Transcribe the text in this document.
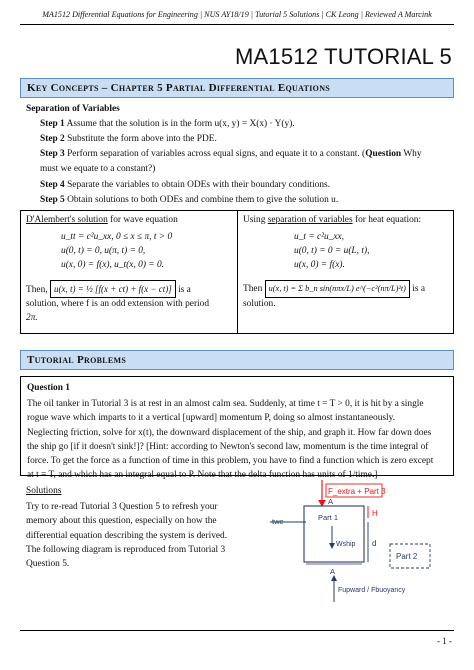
MA1512 Differential Equations for Engineering | NUS AY18/19 | Tutorial 5 Solutions | CK Leong | Reviewed A Marcink
MA1512 TUTORIAL 5
Key Concepts – Chapter 5 Partial Differential Equations
Separation of Variables
Step 1 Assume that the solution is in the form u(x, y) = X(x) · Y(y).
Step 2 Substitute the form above into the PDE.
Step 3 Perform separation of variables across equal signs, and equate it to a constant. (Question Why
must we equate to a constant?)
Step 4 Separate the variables to obtain ODEs with their boundary conditions.
Step 5 Obtain solutions to both ODEs and combine them to give the solution u.
D'Alembert's solution for wave equation
u_tt = c²u_xx, 0 ≤ x ≤ π, t > 0
u(0, t) = 0, u(π, t) = 0,
u(x, 0) = f(x), u_t(x, 0) = 0.
Then, u(x, t) = ½ [f(x + ct) + f(x − ct)] is a
solution, where f is an odd extension with period
2π.
Using separation of variables for heat equation:
u_t = c²u_xx,
u(0, t) = 0 = u(L, t),
u(x, 0) = f(x).
Then u(x, t) = Σ b_n sin(nπx/L) e^(−c²(nπ/L)²t) is a
solution.
Tutorial Problems
Question 1
The oil tanker in Tutorial 3 is at rest in an almost calm sea. Suddenly, at time t = T > 0, it is hit by a single
rogue wave which imparts to it a vertical [upward] momentum P, doing so almost instantaneously.
Neglecting friction, solve for x(t), the downward displacement of the ship, and graph it. How far down does
the ship go [if it doesn't sink!]? [Hint: according to Newton's second law, momentum is the time integral of
force. To get the force as a function of time in this problem, you have to find a function which is zero except
at t = T, and which has an integral equal to P. Note that the delta function has units of 1/time.]
Solutions
Try to re-read Tutorial 3 Question 5 to refresh your
memory about this question, especially on how the
differential equation describing the system is derived.
The following diagram is reproduced from Tutorial 3
Question 5.
F_extra + Part 3
Part 1
twe
Wship
H
d
A
A
Fupward / Fbuoyancy
Part 2
- 1 -
